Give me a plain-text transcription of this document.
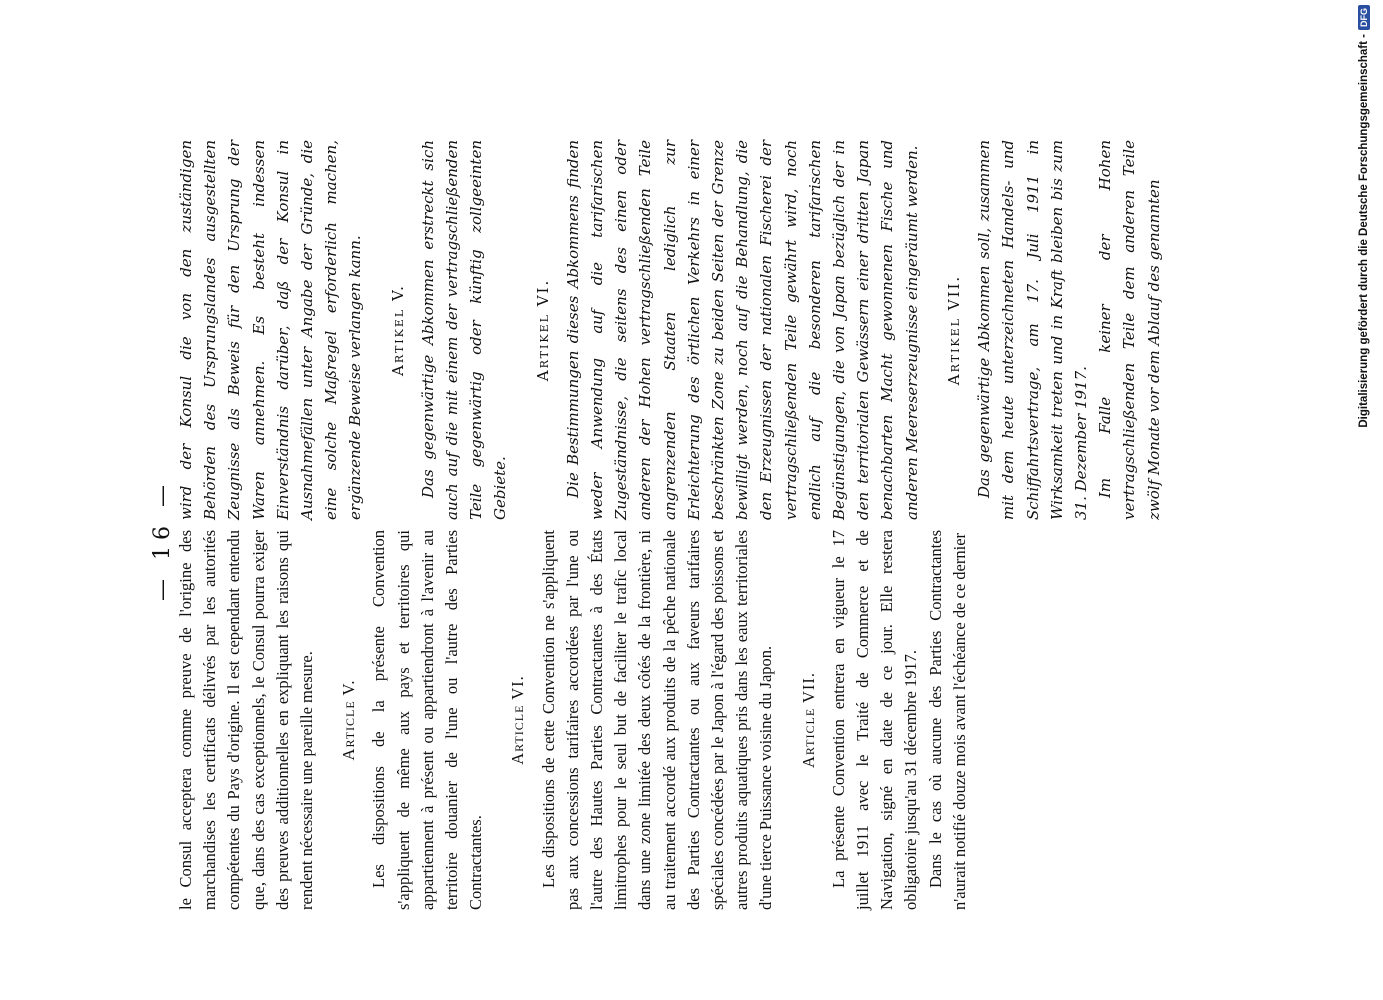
— 16 — le Consul acceptera comme preuve de l'origine des marchandises les certificats délivrés par les autorités compétentes du Pays d'origine. Il est cependant entendu que, dans des cas exceptionnels, le Consul pourra exiger des preuves additionnelles en expliquant les raisons qui rendent nécessaire une pareille mesure. Article V. Les dispositions de la présente Convention s'appliquent de même aux pays et territoires qui appartiennent à présent ou appartiendront à l'avenir au territoire douanier de l'une ou l'autre des Parties Contractantes.

Article VI. Les dispositions de cette Convention ne s'appliquent pas aux concessions tarifaires accordées par l'une ou l'autre des Hautes Parties Contractantes à des États limitrophes pour le seul but de faciliter le trafic local dans une zone limitée des deux côtés de la frontière, ni au traitement accordé aux produits de la pêche nationale des Parties Contractantes ou aux faveurs tarifaires spéciales concédées par le Japon à l'égard des poissons et autres produits aquatiques pris dans les eaux territoriales d'une tierce Puissance voisine du Japon. Article VII. La présente Convention entrera en vigueur le 17 juillet 1911 avec le Traité de Commerce et de Navigation, signé en date de ce jour. Elle restera obligatoire jusqu'au 31 décembre 1917. Dans le cas où aucune des Parties Contractantes n'aurait notifié douze mois avant l'échéance de ce dernier

wird der Konsul die von den zuständigen Behörden des Ursprungslandes ausgestellten Zeugnisse als Beweis für den Ursprung der Waren annehmen. Es besteht indessen Einverständnis darüber, daß der Konsul in Ausnahmefällen unter Angabe der Gründe, die eine solche Maßregel erforderlich machen, ergänzende Beweise verlangen kann. Artikel V. Das gegenwärtige Abkommen erstreckt sich auch auf die mit einem der vertragschließenden Teile gegenwärtig oder künftig zollgeeinten Gebiete.

Artikel VI. Die Bestimmungen dieses Abkommens finden weder Anwendung auf die tarifarischen Zugeständnisse, die seitens des einen oder anderen der Hohen vertragschließenden Teile angrenzenden Staaten lediglich zur Erleichterung des örtlichen Verkehrs in einer beschränkten Zone zu beiden Seiten der Grenze bewilligt werden, noch auf die Behandlung, die den Erzeugnissen der nationalen Fischerei der vertragschließenden Teile gewährt wird, noch endlich auf die besonderen tarifarischen Begünstigungen, die von Japan bezüglich der in den territorialen Gewässern einer dritten Japan benachbarten Macht gewonnenen Fische und anderen Meereserzeugnisse eingeräumt werden. Artikel VII. Das gegenwärtige Abkommen soll, zusammen mit dem heute unterzeichneten Handels- und Schiffahrtsvertrage, am 17. Juli 1911 in Wirksamkeit treten und in Kraft bleiben bis zum 31. Dezember 1917. Im Falle keiner der Hohen vertragschließenden Teile dem anderen Teile zwölf Monate vor dem Ablauf des genannten	Digitalisierung gefördert durch die Deutsche Forschungsgemeinschaft -DFG
